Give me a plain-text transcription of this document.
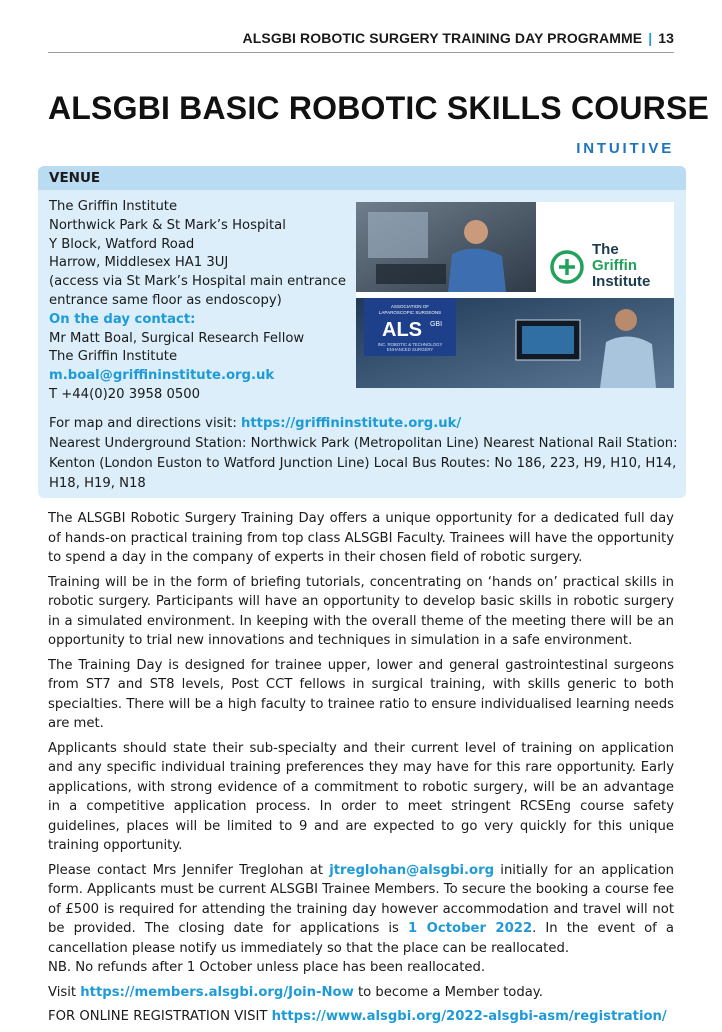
ALSGBI ROBOTIC SURGERY TRAINING DAY PROGRAMME | 13
ALSGBI BASIC ROBOTIC SKILLS COURSE
INTUITIVE
VENUE
The Griffin Institute
Northwick Park & St Mark’s Hospital
Y Block, Watford Road
Harrow, Middlesex HA1 3UJ
(access via St Mark’s Hospital main entrance
entrance same floor as endoscopy)
On the day contact:
Mr Matt Boal, Surgical Research Fellow
The Griffin Institute
m.boal@griffininstitute.org.uk
T +44(0)20 3958 0500
The
Griffin
Institute
ASSOCIATION OF
LAPAROSCOPIC SURGEONS
ALS GBI
INC. ROBOTIC & TECHNOLOGY
ENHANCED SURGERY
For map and directions visit: https://griffininstitute.org.uk/
Nearest Underground Station: Northwick Park (Metropolitan Line) Nearest National Rail Station: Kenton (London Euston to Watford Junction Line) Local Bus Routes: No 186, 223, H9, H10, H14, H18, H19, N18

The ALSGBI Robotic Surgery Training Day offers a unique opportunity for a dedicated full day of hands-on practical training from top class ALSGBI Faculty. Trainees will have the opportunity to spend a day in the company of experts in their chosen field of robotic surgery.

Training will be in the form of briefing tutorials, concentrating on ‘hands on’ practical skills in robotic surgery. Participants will have an opportunity to develop basic skills in robotic surgery in a simulated environment. In keeping with the overall theme of the meeting there will be an opportunity to trial new innovations and techniques in simulation in a safe environment.

The Training Day is designed for trainee upper, lower and general gastrointestinal surgeons from ST7 and ST8 levels, Post CCT fellows in surgical training, with skills generic to both specialties. There will be a high faculty to trainee ratio to ensure individualised learning needs are met.

Applicants should state their sub-specialty and their current level of training on application and any specific individual training preferences they may have for this rare opportunity. Early applications, with strong evidence of a commitment to robotic surgery, will be an advantage in a competitive application process. In order to meet stringent RCSEng course safety guidelines, places will be limited to 9 and are expected to go very quickly for this unique training opportunity.

Please contact Mrs Jennifer Treglohan at jtreglohan@alsgbi.org initially for an application form. Applicants must be current ALSGBI Trainee Members. To secure the booking a course fee of £500 is required for attending the training day however accommodation and travel will not be provided. The closing date for applications is 1 October 2022. In the event of a cancellation please notify us immediately so that the place can be reallocated.
NB. No refunds after 1 October unless place has been reallocated.

Visit https://members.alsgbi.org/Join-Now to become a Member today.

FOR ONLINE REGISTRATION VISIT https://www.alsgbi.org/2022-alsgbi-asm/registration/
